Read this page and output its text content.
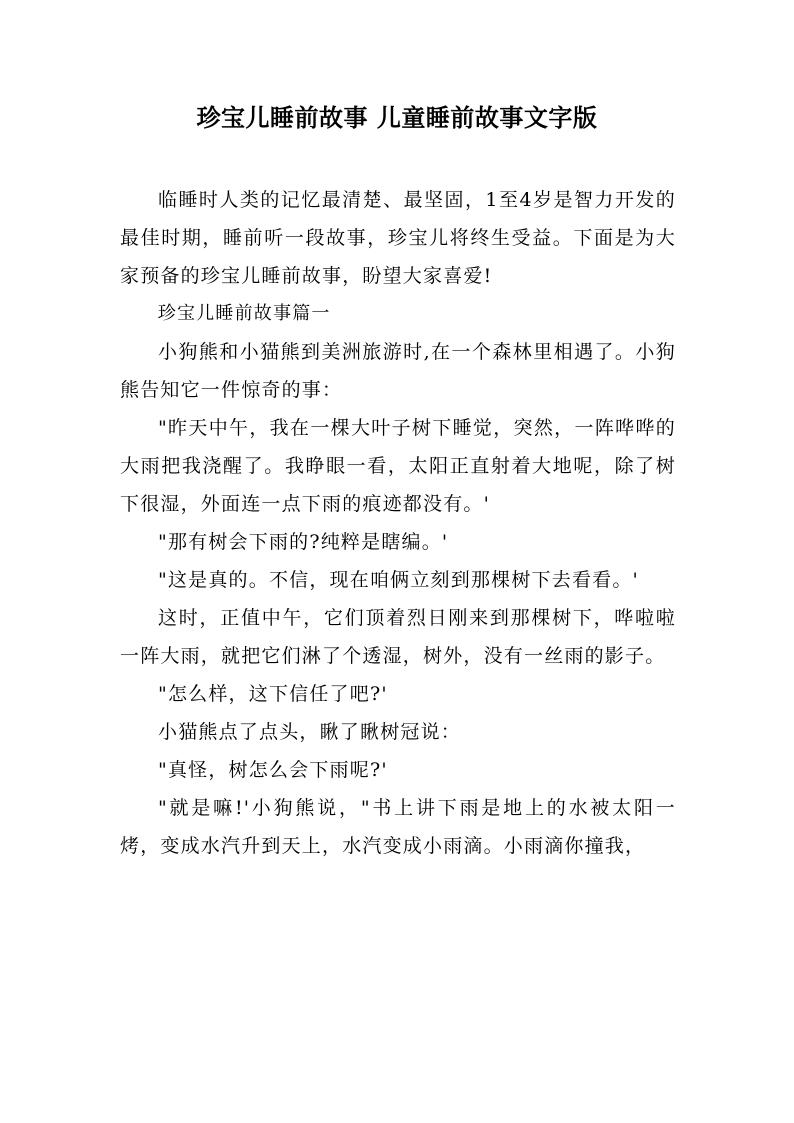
珍宝儿睡前故事 儿童睡前故事文字版

临睡时人类的记忆最清楚、最坚固，1至4岁是智力开发的最佳时期，睡前听一段故事，珍宝儿将终生受益。下面是为大家预备的珍宝儿睡前故事，盼望大家喜爱!

珍宝儿睡前故事篇一

小狗熊和小猫熊到美洲旅游时,在一个森林里相遇了。小狗熊告知它一件惊奇的事：

"昨天中午，我在一棵大叶子树下睡觉，突然，一阵哗哗的大雨把我浇醒了。我睁眼一看，太阳正直射着大地呢，除了树下很湿，外面连一点下雨的痕迹都没有。'

"那有树会下雨的?纯粹是瞎编。'

"这是真的。不信，现在咱俩立刻到那棵树下去看看。'

这时，正值中午，它们顶着烈日刚来到那棵树下，哗啦啦一阵大雨，就把它们淋了个透湿，树外，没有一丝雨的影子。

"怎么样，这下信任了吧?'

小猫熊点了点头，瞅了瞅树冠说：

"真怪，树怎么会下雨呢?'

"就是嘛!'小狗熊说，"书上讲下雨是地上的水被太阳一烤，变成水汽升到天上，水汽变成小雨滴。小雨滴你撞我，
